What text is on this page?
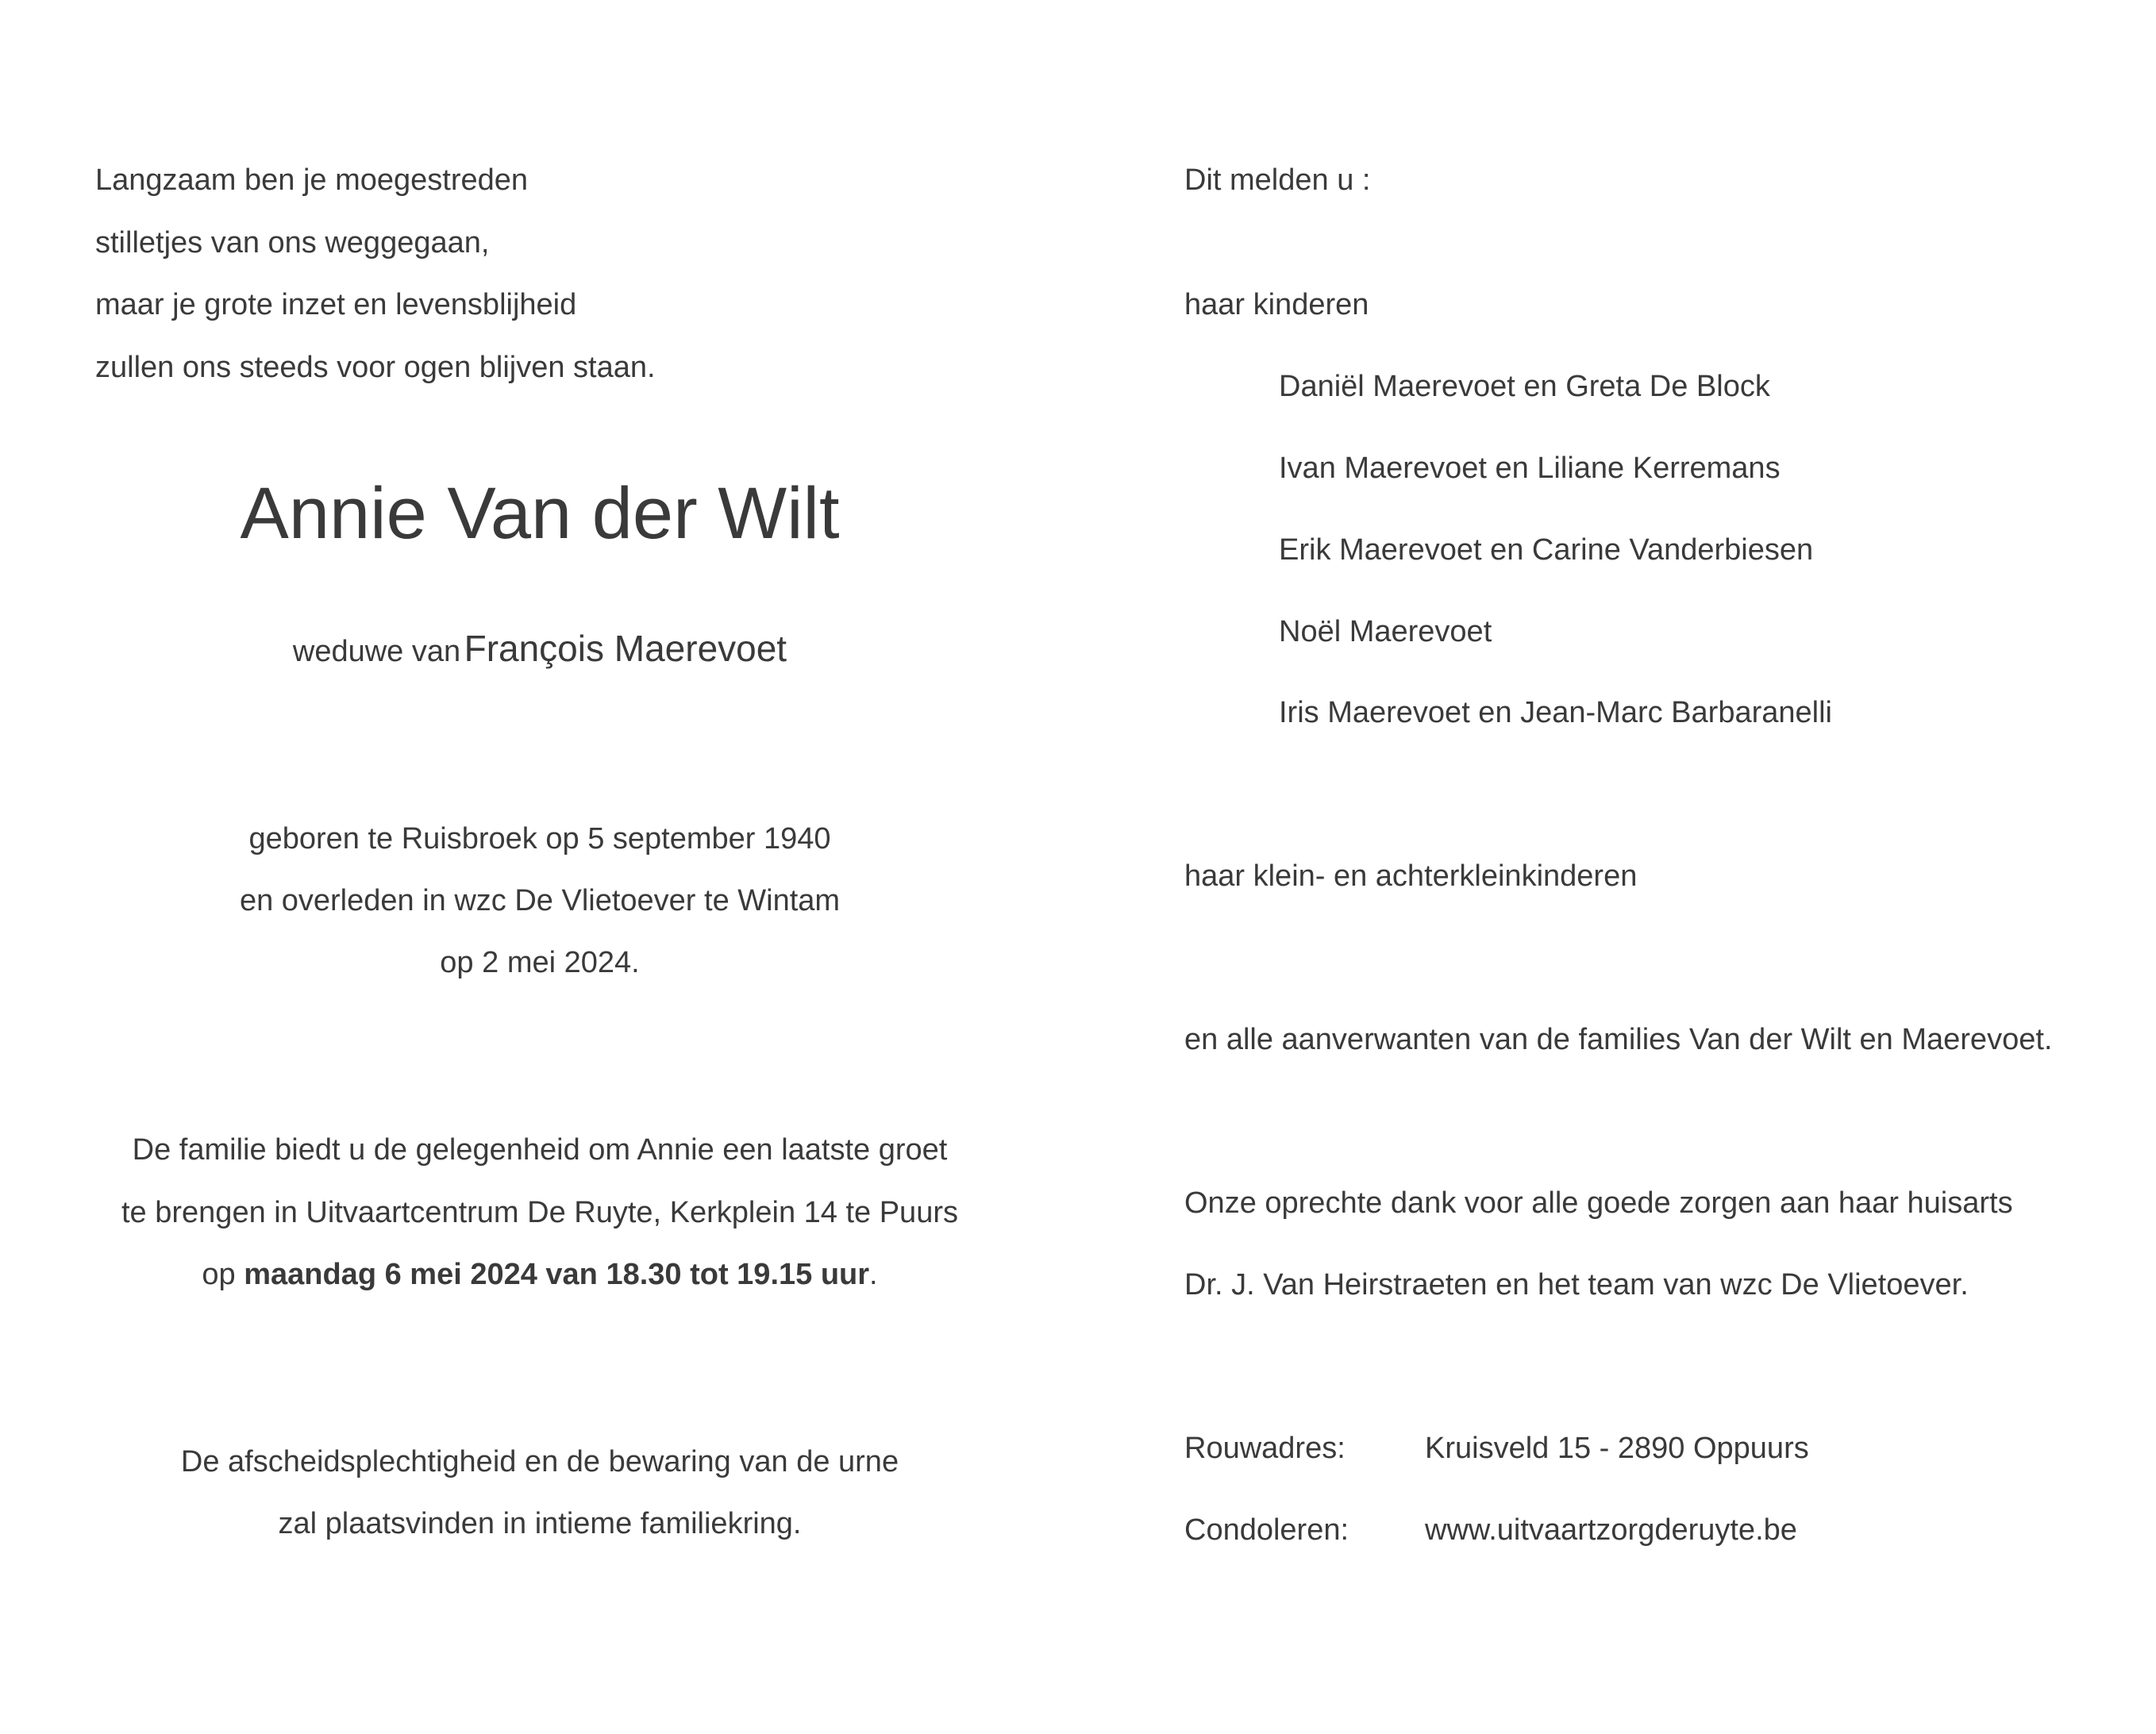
Langzaam ben je moegestreden
stilletjes van ons weggegaan,
maar je grote inzet en levensblijheid
zullen ons steeds voor ogen blijven staan.
Annie Van der Wilt
weduwe van François Maerevoet
geboren te Ruisbroek op 5 september 1940
en overleden in wzc De Vlietoever te Wintam
op 2 mei 2024.
De familie biedt u de gelegenheid om Annie een laatste groet
te brengen in Uitvaartcentrum De Ruyte, Kerkplein 14 te Puurs
op maandag 6 mei 2024 van 18.30 tot 19.15 uur.
De afscheidsplechtigheid en de bewaring van de urne
zal plaatsvinden in intieme familiekring.
Dit melden u :
haar kinderen
Daniël Maerevoet en Greta De Block
Ivan Maerevoet en Liliane Kerremans
Erik Maerevoet en Carine Vanderbiesen
Noël Maerevoet
Iris Maerevoet en Jean-Marc Barbaranelli
haar klein- en achterkleinkinderen
en alle aanverwanten van de families Van der Wilt en Maerevoet.
Onze oprechte dank voor alle goede zorgen aan haar huisarts
Dr. J. Van Heirstraeten en het team van wzc De Vlietoever.
Rouwadres:	Kruisveld 15 - 2890 Oppuurs
Condoleren:	www.uitvaartzorgderuyte.be
